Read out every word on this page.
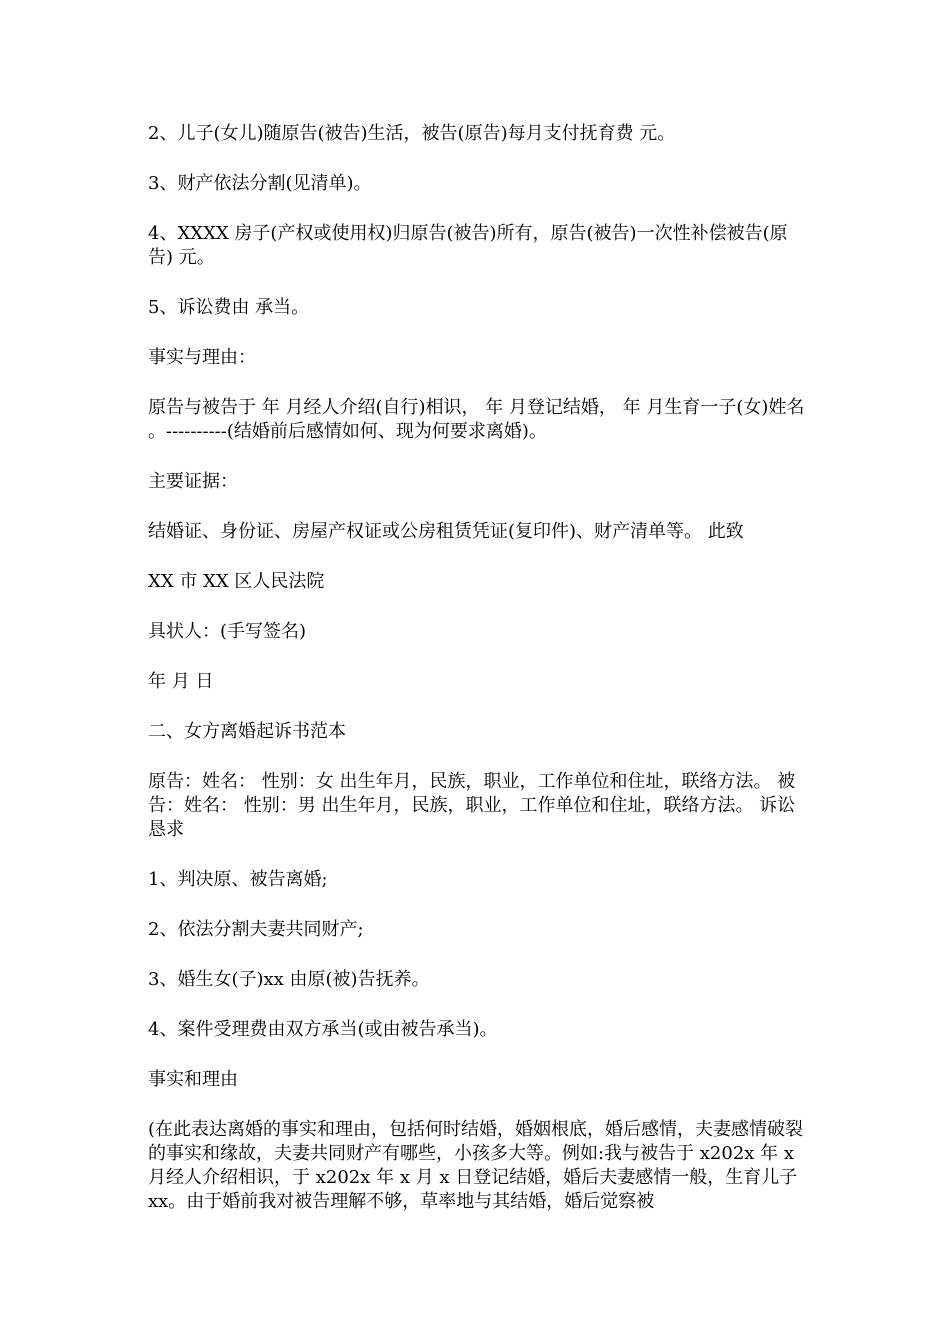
2、儿子(女儿)随原告(被告)生活，被告(原告)每月支付抚育费 元。

3、财产依法分割(见清单)。

4、XXXX 房子(产权或使用权)归原告(被告)所有，原告(被告)一次性补偿被告(原告) 元。

5、诉讼费由 承当。

事实与理由：

原告与被告于 年 月经人介绍(自行)相识， 年 月登记结婚， 年 月生育一子(女)姓名 。----------(结婚前后感情如何、现为何要求离婚)。

主要证据：

结婚证、身份证、房屋产权证或公房租赁凭证(复印件)、财产清单等。 此致

XX 市 XX 区人民法院

具状人：(手写签名)

年 月 日

二、女方离婚起诉书范本

原告：姓名： 性别：女 出生年月，民族，职业，工作单位和住址，联络方法。 被告：姓名： 性别：男 出生年月，民族，职业，工作单位和住址，联络方法。 诉讼恳求

1、判决原、被告离婚;

2、依法分割夫妻共同财产;

3、婚生女(子)xx 由原(被)告抚养。

4、案件受理费由双方承当(或由被告承当)。

事实和理由

(在此表达离婚的事实和理由，包括何时结婚，婚姻根底，婚后感情，夫妻感情破裂的事实和缘故，夫妻共同财产有哪些，小孩多大等。例如:我与被告于 x202x 年 x 月经人介绍相识，于 x202x 年 x 月 x 日登记结婚，婚后夫妻感情一般，生育儿子 xx。由于婚前我对被告理解不够，草率地与其结婚，婚后觉察被
